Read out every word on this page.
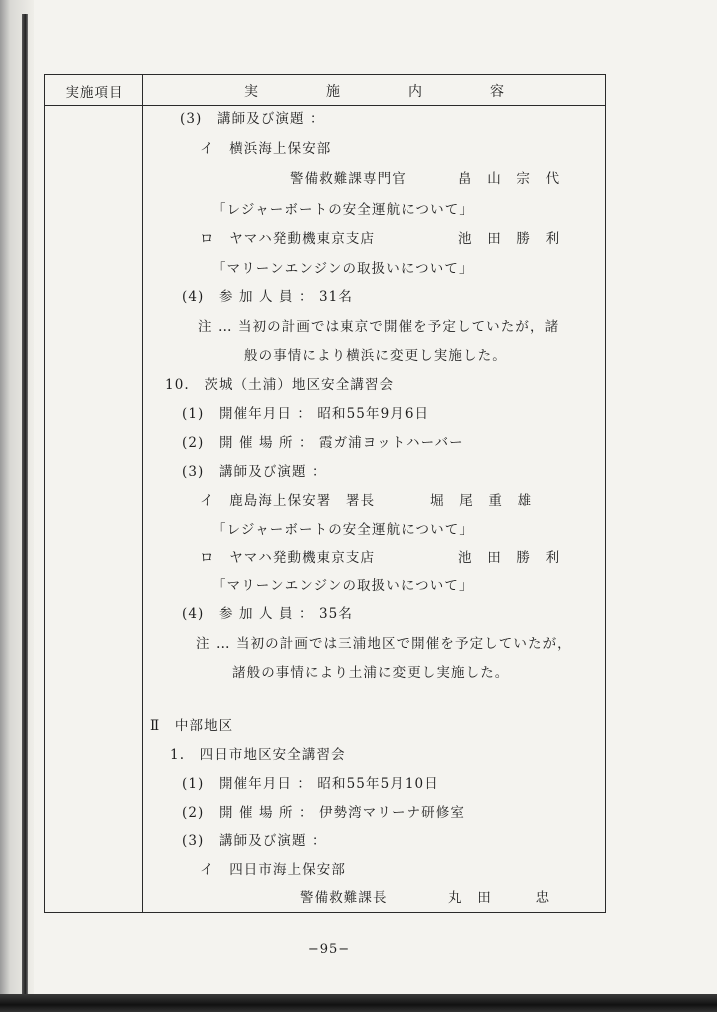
実施項目	実	施	内	容
(3)　講師及び演題 ：
イ　横浜海上保安部
警備救難課専門官	畠　山　宗　代
「レジャーボートの安全運航について」
ロ　ヤマハ発動機東京支店	池　田　勝　利
「マリーンエンジンの取扱いについて」
(4)　参 加 人 員 ： 31名
注 … 当初の計画では東京で開催を予定していたが，諸
般の事情により横浜に変更し実施した。
10.　茨城（土浦）地区安全講習会
(1)　開催年月日 ： 昭和55年9月6日
(2)　開 催 場 所 ： 霞ガ浦ヨットハーバー
(3)　講師及び演題 ：
イ　鹿島海上保安署　署長	堀　尾　重　雄
「レジャーボートの安全運航について」
ロ　ヤマハ発動機東京支店	池　田　勝　利
「マリーンエンジンの取扱いについて」
(4)　参 加 人 員 ： 35名
注 … 当初の計画では三浦地区で開催を予定していたが，
諸般の事情により土浦に変更し実施した。
Ⅱ　中部地区
1.　四日市地区安全講習会
(1)　開催年月日 ： 昭和55年5月10日
(2)　開 催 場 所 ： 伊勢湾マリーナ研修室
(3)　講師及び演題 ：
イ　四日市海上保安部
警備救難課長	丸　田　　　忠
−95−
